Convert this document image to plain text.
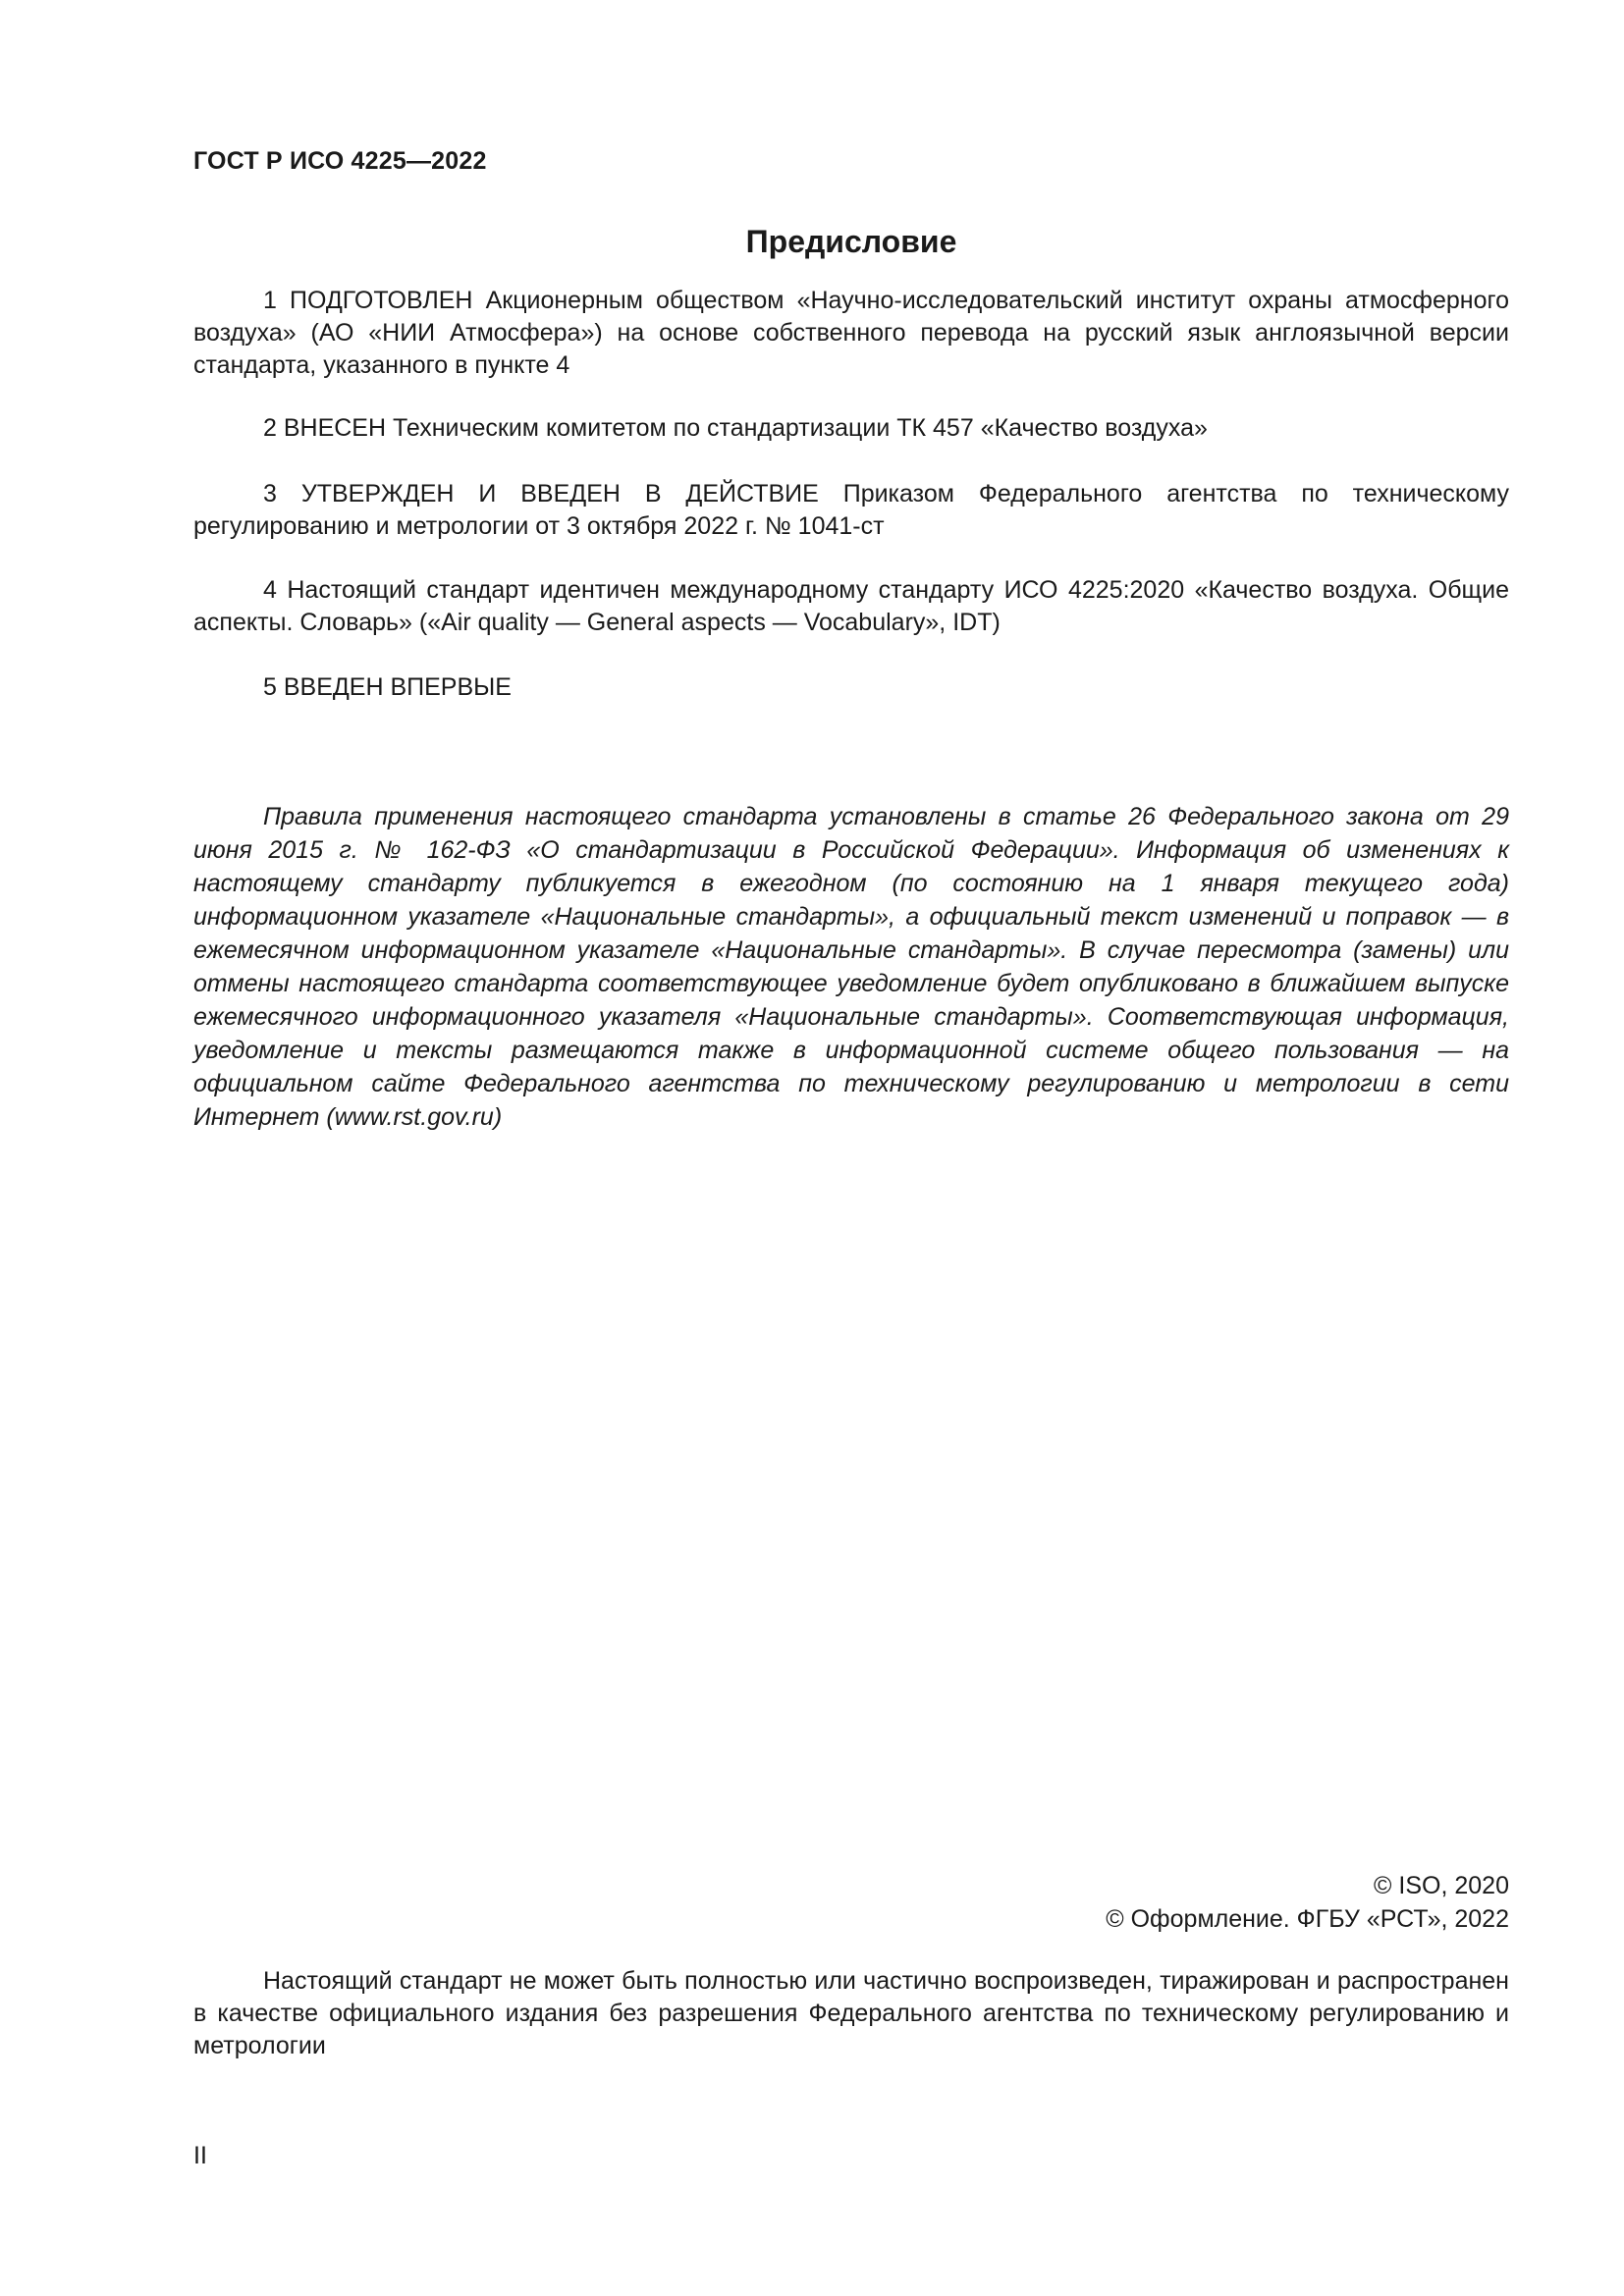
ГОСТ Р ИСО 4225—2022
Предисловие

1 ПОДГОТОВЛЕН Акционерным обществом «Научно-исследовательский институт охраны атмосферного воздуха» (АО «НИИ Атмосфера») на основе собственного перевода на русский язык англоязычной версии стандарта, указанного в пункте 4

2 ВНЕСЕН Техническим комитетом по стандартизации ТК 457 «Качество воздуха»

3 УТВЕРЖДЕН И ВВЕДЕН В ДЕЙСТВИЕ Приказом Федерального агентства по техническому регулированию и метрологии от 3 октября 2022 г. № 1041-ст

4 Настоящий стандарт идентичен международному стандарту ИСО 4225:2020 «Качество воздуха. Общие аспекты. Словарь» («Air quality — General aspects — Vocabulary», IDT)

5 ВВЕДЕН ВПЕРВЫЕ

Правила применения настоящего стандарта установлены в статье 26 Федерального закона от 29 июня 2015 г. № 162-ФЗ «О стандартизации в Российской Федерации». Информация об изменениях к настоящему стандарту публикуется в ежегодном (по состоянию на 1 января текущего года) информационном указателе «Национальные стандарты», а официальный текст изменений и поправок — в ежемесячном информационном указателе «Национальные стандарты». В случае пересмотра (замены) или отмены настоящего стандарта соответствующее уведомление будет опубликовано в ближайшем выпуске ежемесячного информационного указателя «Национальные стандарты». Соответствующая информация, уведомление и тексты размещаются также в информационной системе общего пользования — на официальном сайте Федерального агентства по техническому регулированию и метрологии в сети Интернет (www.rst.gov.ru)

© ISO, 2020
© Оформление. ФГБУ «РСТ», 2022

Настоящий стандарт не может быть полностью или частично воспроизведен, тиражирован и распространен в качестве официального издания без разрешения Федерального агентства по техническому регулированию и метрологии

II
